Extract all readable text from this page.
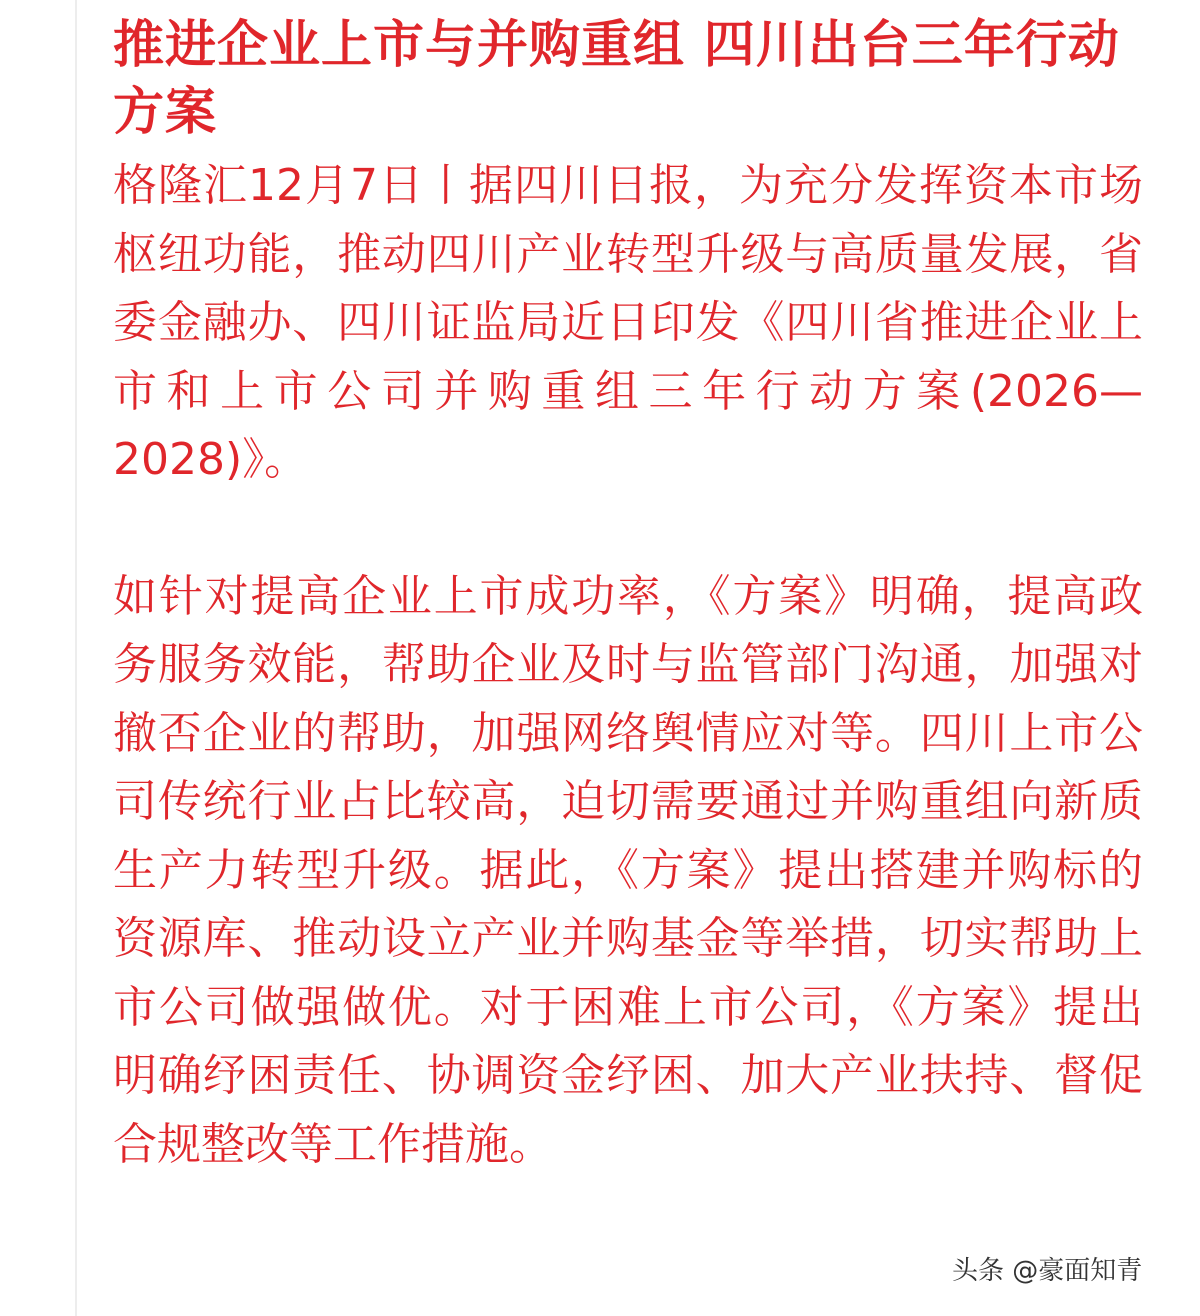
推进企业上市与并购重组 四川出台三年行动方案

格隆汇12月7日丨据四川日报，为充分发挥资本市场枢纽功能，推动四川产业转型升级与高质量发展，省委金融办、四川证监局近日印发《四川省推进企业上市和上市公司并购重组三年行动方案(2026—2028)》。

如针对提高企业上市成功率，《方案》明确，提高政务服务效能，帮助企业及时与监管部门沟通，加强对撤否企业的帮助，加强网络舆情应对等。四川上市公司传统行业占比较高，迫切需要通过并购重组向新质生产力转型升级。据此，《方案》提出搭建并购标的资源库、推动设立产业并购基金等举措，切实帮助上市公司做强做优。对于困难上市公司，《方案》提出明确纾困责任、协调资金纾困、加大产业扶持、督促合规整改等工作措施。

头条 @豪面知青
